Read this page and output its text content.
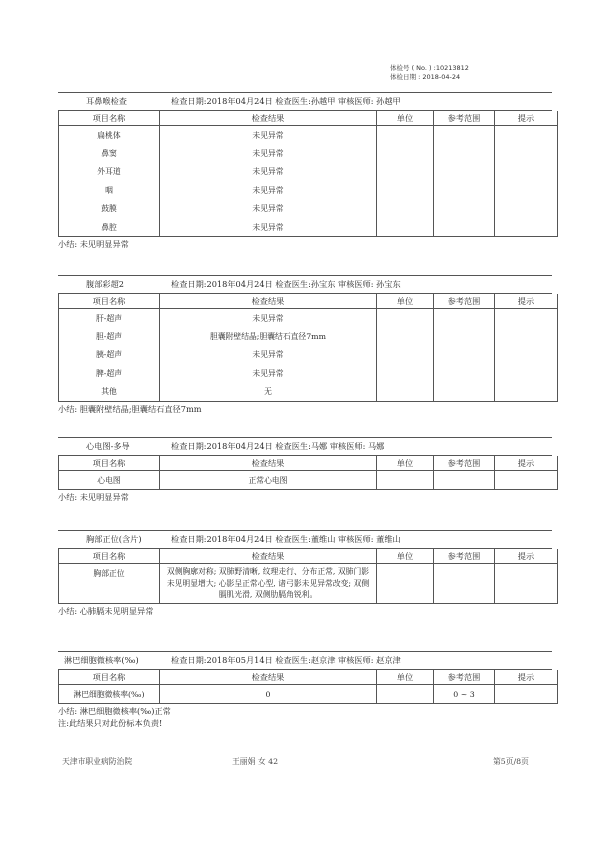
体检号 ( No. ) :10213812
体检日期 : 2018-04-24
耳鼻喉检查	检查日期:2018年04月24日 检查医生:孙越甲 审核医师: 孙越甲
项目名称	检查结果	单位	参考范围	提示
扁桃体	未见异常			
鼻窦	未见异常			
外耳道	未见异常			
咽	未见异常			
鼓膜	未见异常			
鼻腔	未见异常			
小结: 未见明显异常
腹部彩超2	检查日期:2018年04月24日 检查医生:孙宝东 审核医师: 孙宝东
项目名称	检查结果	单位	参考范围	提示
肝-超声	未见异常			
胆-超声	胆囊附壁结晶;胆囊结石直径7mm			
胰-超声	未见异常			
脾-超声	未见异常			
其他	无			
小结: 胆囊附壁结晶;胆囊结石直径7mm
心电图-多导	检查日期:2018年04月24日 检查医生:马娜 审核医师: 马娜
项目名称	检查结果	单位	参考范围	提示
心电图	正常心电图			
小结: 未见明显异常
胸部正位(含片)	检查日期:2018年04月24日 检查医生:董维山 审核医师: 董维山
项目名称	检查结果	单位	参考范围	提示
胸部正位	双侧胸廓对称; 双肺野清晰, 纹理走行、分布正常, 双肺门影未见明显增大; 心影呈正常心型, 诸弓影未见异常改变; 双侧膈肌光滑, 双侧肋膈角锐利。			
小结: 心肺膈未见明显异常
淋巴细胞微核率(‰)	检查日期:2018年05月14日 检查医生:赵京津 审核医师: 赵京津
项目名称	检查结果	单位	参考范围	提示
淋巴细胞微核率(‰)	0		0 ~ 3	
小结: 淋巴细胞微核率(‰)正常
注:此结果只对此份标本负责!
天津市职业病防治院	王丽娟 女 42	第5页/8页
